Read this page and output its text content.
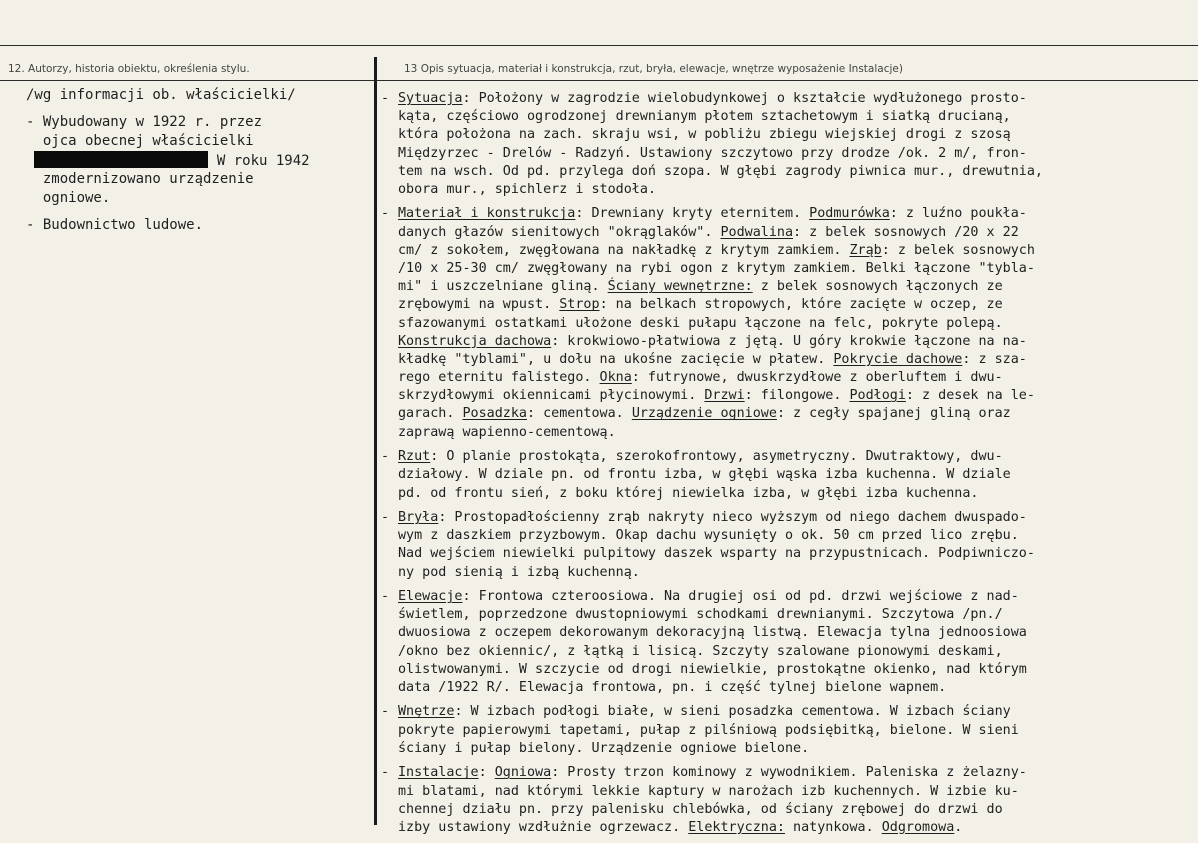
12. Autorzy, historia obiektu, określenia stylu.	13 Opis sytuacja, materiał i konstrukcja, rzut, bryła, elewacje, wnętrze wyposażenie Instalacje)
/wg informacji ob. właścicielki/
- Wybudowany w 1922 r. przez
ojca obecnej właścicielki
W roku 1942
zmodernizowano urządzenie
ogniowe.
- Budownictwo ludowe.
- Sytuacja: Położony w zagrodzie wielobudynkowej o kształcie wydłużonego prosto-
kąta, częściowo ogrodzonej drewnianym płotem sztachetowym i siatką drucianą,
która położona na zach. skraju wsi, w pobliżu zbiegu wiejskiej drogi z szosą
Międzyrzec - Drelów - Radzyń. Ustawiony szczytowo przy drodze /ok. 2 m/, fron-
tem na wsch. Od pd. przylega doń szopa. W głębi zagrody piwnica mur., drewutnia,
obora mur., spichlerz i stodoła.
- Materiał i konstrukcja: Drewniany kryty eternitem. Podmurówka: z luźno poukła-
danych głazów sienitowych "okrąglaków". Podwalina: z belek sosnowych /20 x 22
cm/ z sokołem, zwęgłowana na nakładkę z krytym zamkiem. Zrąb: z belek sosnowych
/10 x 25-30 cm/ zwęgłowany na rybi ogon z krytym zamkiem. Belki łączone "tybla-
mi" i uszczelniane gliną. Ściany wewnętrzne: z belek sosnowych łączonych ze
zrębowymi na wpust. Strop: na belkach stropowych, które zacięte w oczep, ze
sfazowanymi ostatkami ułożone deski pułapu łączone na felc, pokryte polepą.
Konstrukcja dachowa: krokwiowo-płatwiowa z jętą. U góry krokwie łączone na na-
kładkę "tyblami", u dołu na ukośne zacięcie w płatew. Pokrycie dachowe: z sza-
rego eternitu falistego. Okna: futrynowe, dwuskrzydłowe z oberluftem i dwu-
skrzydłowymi okiennicami płycinowymi. Drzwi: filongowe. Podłogi: z desek na le-
garach. Posadzka: cementowa. Urządzenie ogniowe: z cegły spajanej gliną oraz
zaprawą wapienno-cementową.
- Rzut: O planie prostokąta, szerokofrontowy, asymetryczny. Dwutraktowy, dwu-
działowy. W dziale pn. od frontu izba, w głębi wąska izba kuchenna. W dziale
pd. od frontu sień, z boku której niewielka izba, w głębi izba kuchenna.
- Bryła: Prostopadłościenny zrąb nakryty nieco wyższym od niego dachem dwuspado-
wym z daszkiem przyzbowym. Okap dachu wysunięty o ok. 50 cm przed lico zrębu.
Nad wejściem niewielki pulpitowy daszek wsparty na przypustnicach. Podpiwniczo-
ny pod sienią i izbą kuchenną.
- Elewacje: Frontowa czteroosiowa. Na drugiej osi od pd. drzwi wejściowe z nad-
świetlem, poprzedzone dwustopniowymi schodkami drewnianymi. Szczytowa /pn./
dwuosiowa z oczepem dekorowanym dekoracyjną listwą. Elewacja tylna jednoosiowa
/okno bez okiennic/, z łątką i lisicą. Szczyty szalowane pionowymi deskami,
olistwowanymi. W szczycie od drogi niewielkie, prostokątne okienko, nad którym
data /1922 R/. Elewacja frontowa, pn. i część tylnej bielone wapnem.
- Wnętrze: W izbach podłogi białe, w sieni posadzka cementowa. W izbach ściany
pokryte papierowymi tapetami, pułap z pilśniową podsiębitką, bielone. W sieni
ściany i pułap bielony. Urządzenie ogniowe bielone.
- Instalacje: Ogniowa: Prosty trzon kominowy z wywodnikiem. Paleniska z żelazny-
mi blatami, nad którymi lekkie kaptury w narożach izb kuchennych. W izbie ku-
chennej działu pn. przy palenisku chlebówka, od ściany zrębowej do drzwi do
izby ustawiony wzdłużnie ogrzewacz. Elektryczna: natynkowa. Odgromowa.
